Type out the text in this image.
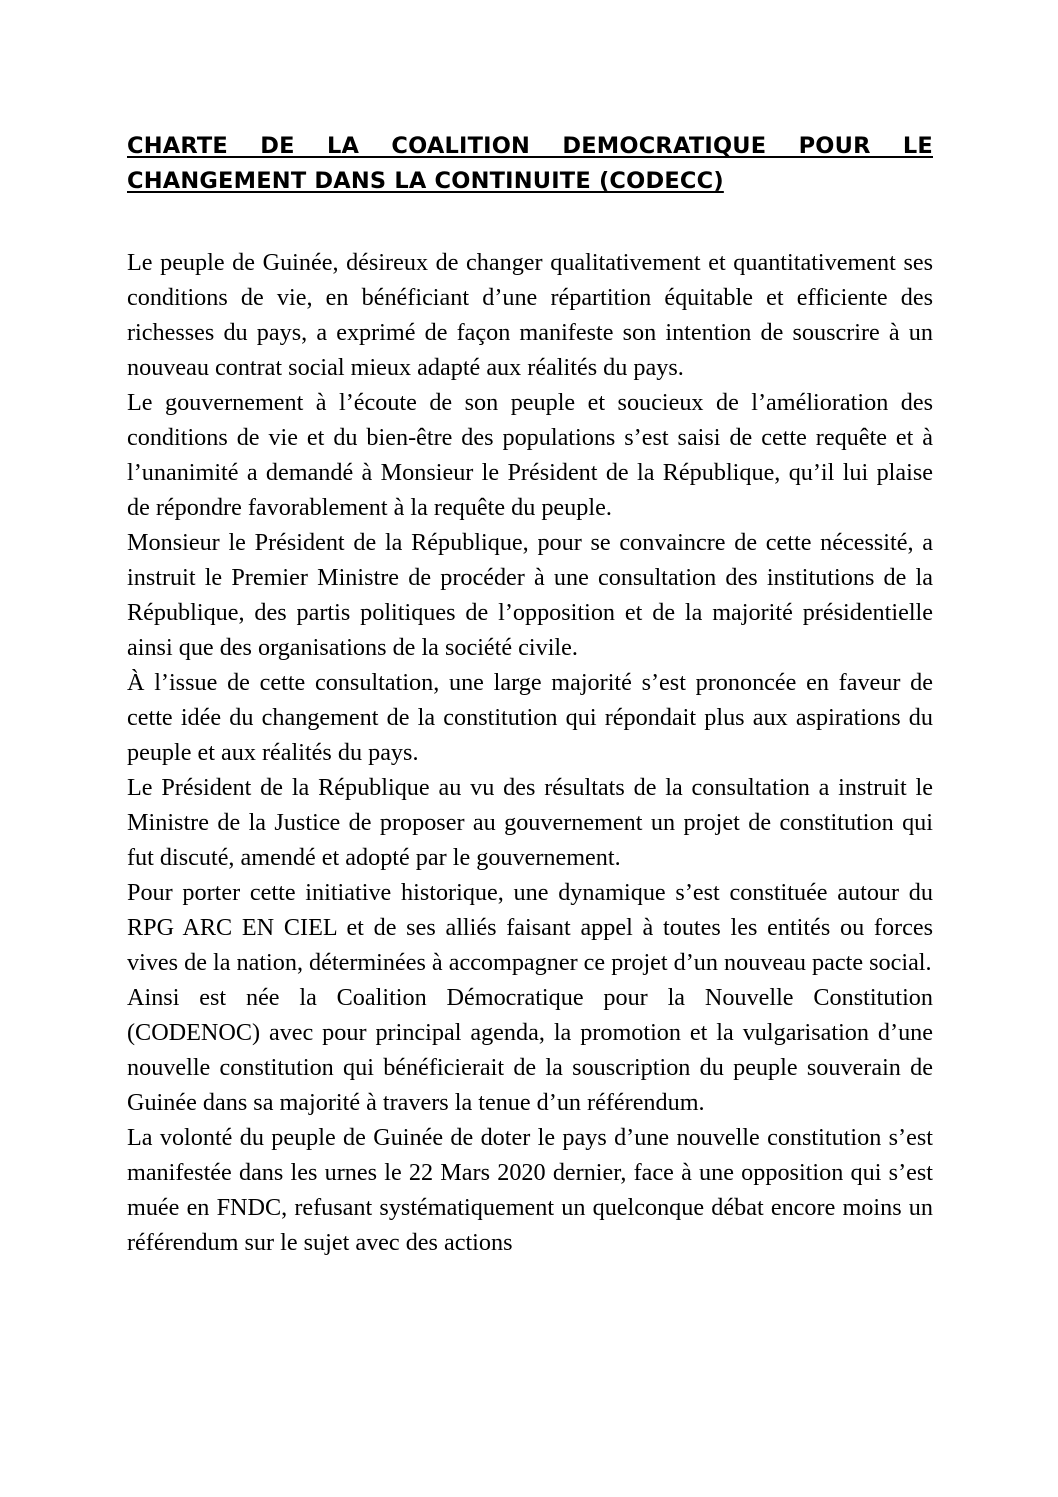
CHARTE DE LA COALITION DEMOCRATIQUE POUR LE CHANGEMENT DANS LA CONTINUITE (CODECC)

Le peuple de Guinée, désireux de changer qualitativement et quantitativement ses conditions de vie, en bénéficiant d’une répartition équitable et efficiente des richesses du pays, a exprimé de façon manifeste son intention de souscrire à un nouveau contrat social mieux adapté aux réalités du pays.

Le gouvernement à l’écoute de son peuple et soucieux de l’amélioration des conditions de vie et du bien-être des populations s’est saisi de cette requête et à l’unanimité a demandé à Monsieur le Président de la République, qu’il lui plaise de répondre favorablement à la requête du peuple.

Monsieur le Président de la République, pour se convaincre de cette nécessité, a instruit le Premier Ministre de procéder à une consultation des institutions de la République, des partis politiques de l’opposition et de la majorité présidentielle ainsi que des organisations de la société civile.

À l’issue de cette consultation, une large majorité s’est prononcée en faveur de cette idée du changement de la constitution qui répondait plus aux aspirations du peuple et aux réalités du pays.

Le Président de la République au vu des résultats de la consultation a instruit le Ministre de la Justice de proposer au gouvernement un projet de constitution qui fut discuté, amendé et adopté par le gouvernement.

Pour porter cette initiative historique, une dynamique s’est constituée autour du RPG ARC EN CIEL et de ses alliés faisant appel à toutes les entités ou forces vives de la nation, déterminées à accompagner ce projet d’un nouveau pacte social.

Ainsi est née la Coalition Démocratique pour la Nouvelle Constitution (CODENOC) avec pour principal agenda, la promotion et la vulgarisation d’une nouvelle constitution qui bénéficierait de la souscription du peuple souverain de Guinée dans sa majorité à travers la tenue d’un référendum.

La volonté du peuple de Guinée de doter le pays d’une nouvelle constitution s’est manifestée dans les urnes le 22 Mars 2020 dernier, face à une opposition qui s’est muée en FNDC, refusant systématiquement un quelconque débat encore moins un référendum sur le sujet avec des actions
